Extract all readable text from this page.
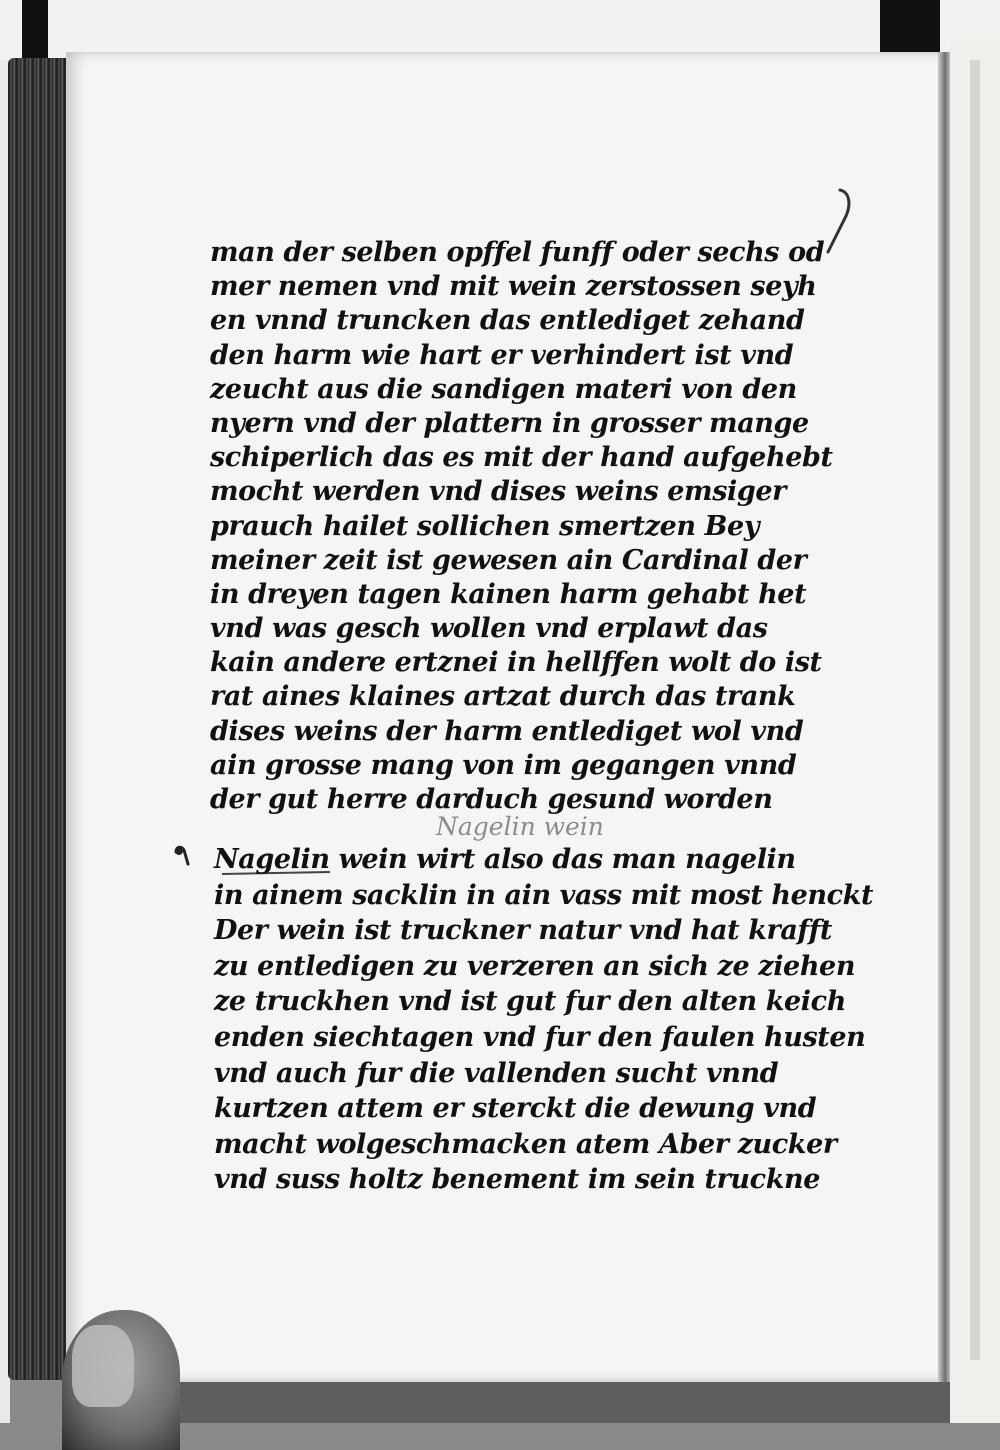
man der selben opffel funff oder sechs od
mer nemen vnd mit wein zerstossen seyh
en vnnd truncken das entlediget zehand
den harm wie hart er verhindert ist vnd
zeucht aus die sandigen materi von den
nyern vnd der plattern in grosser mange
schiperlich das es mit der hand aufgehebt
mocht werden vnd dises weins emsiger
prauch hailet sollichen smertzen Bey
meiner zeit ist gewesen ain Cardinal der
in dreyen tagen kainen harm gehabt het
vnd was gesch wollen vnd erplawt das
kain andere ertznei in hellffen wolt do ist
rat aines klaines artzat durch das trank
dises weins der harm entlediget wol vnd
ain grosse mang von im gegangen vnnd
der gut herre darduch gesund worden
Nagelin wein
Nagelin wein wirt also das man nagelin
in ainem sacklin in ain vass mit most henckt
Der wein ist truckner natur vnd hat krafft
zu entledigen zu verzeren an sich ze ziehen
ze truckhen vnd ist gut fur den alten keich
enden siechtagen vnd fur den faulen husten
vnd auch fur die vallenden sucht vnnd
kurtzen attem er sterckt die dewung vnd
macht wolgeschmacken atem Aber zucker
vnd suss holtz benement im sein truckne
